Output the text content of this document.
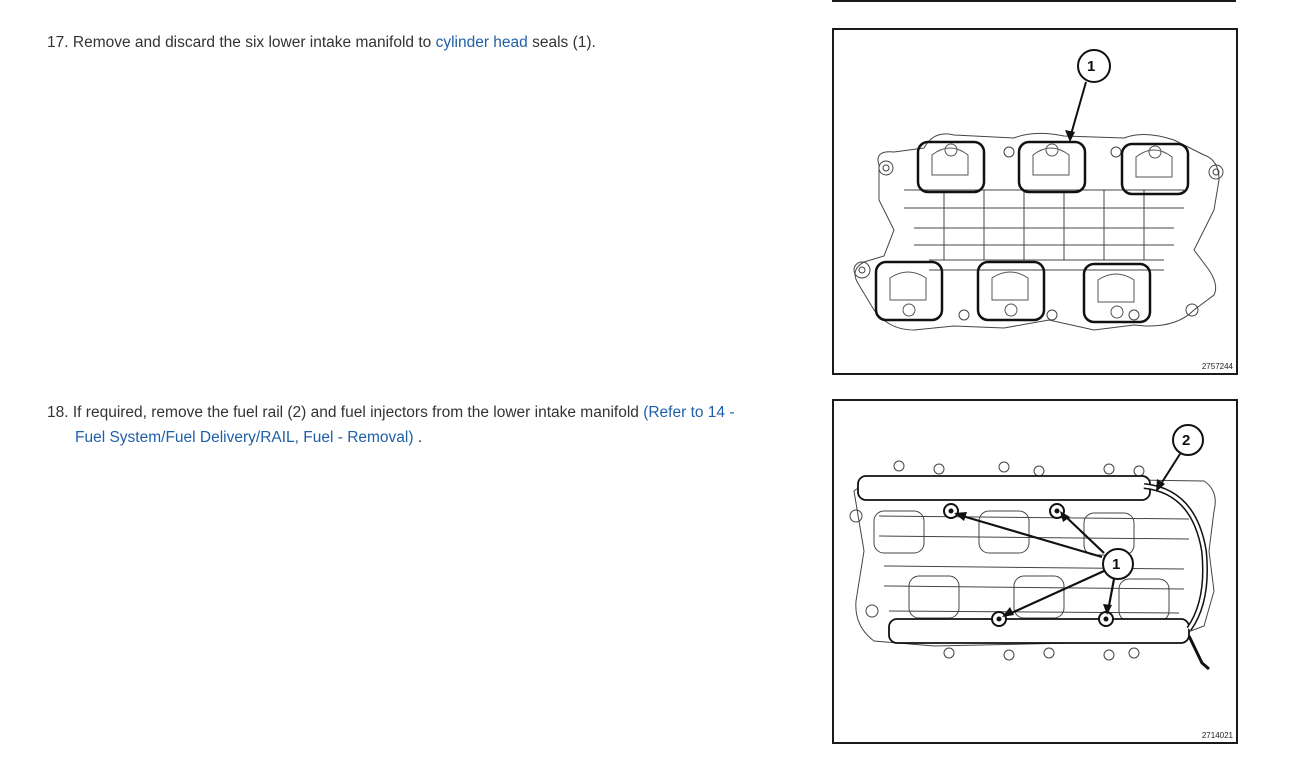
17. Remove and discard the six lower intake manifold to cylinder head seals (1).
1
2757244
18. If required, remove the fuel rail (2) and fuel injectors from the lower intake manifold (Refer to 14 -
Fuel System/Fuel Delivery/RAIL, Fuel - Removal) .	2
1
2714021
